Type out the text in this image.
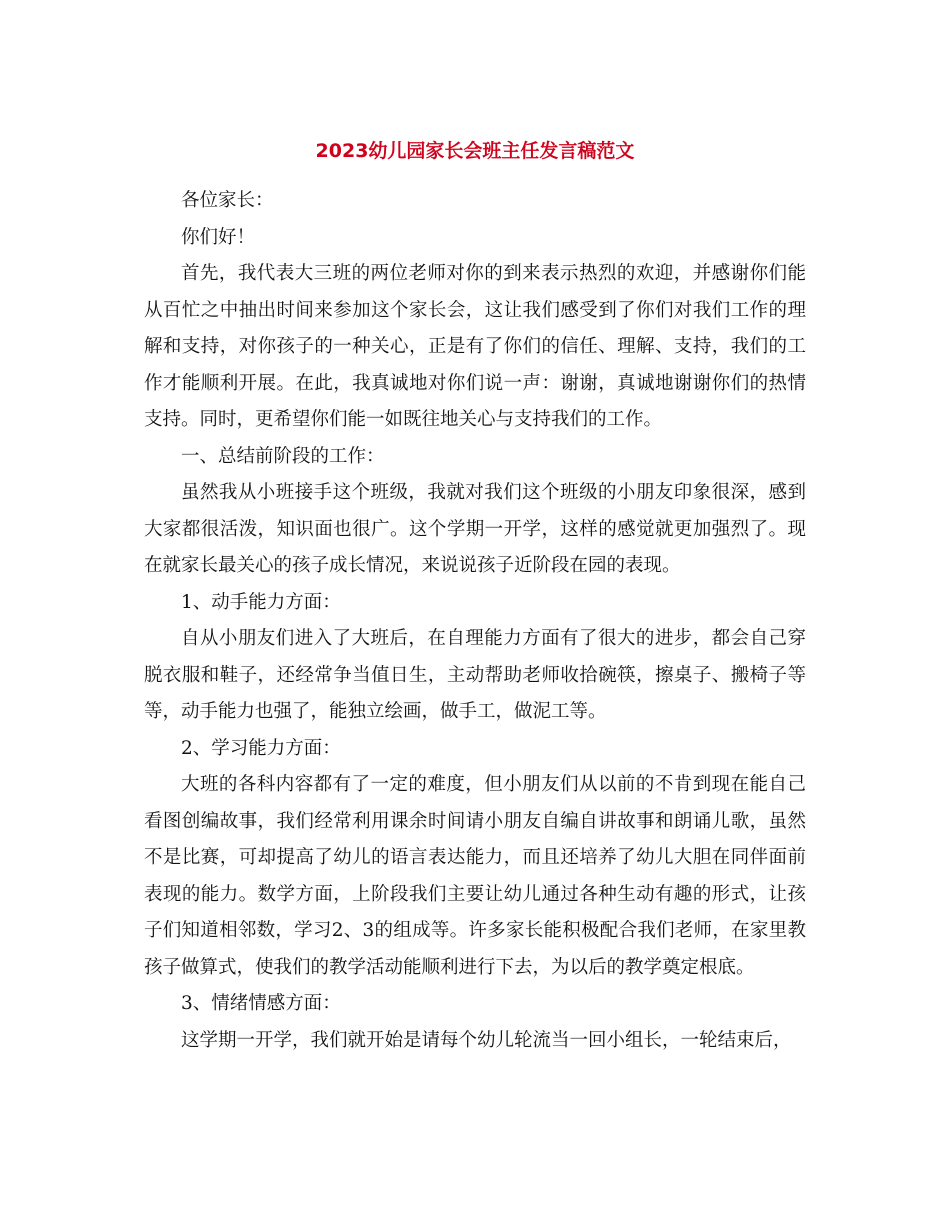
2023幼儿园家长会班主任发言稿范文

各位家长：

你们好！

首先，我代表大三班的两位老师对你的到来表示热烈的欢迎，并感谢你们能从百忙之中抽出时间来参加这个家长会，这让我们感受到了你们对我们工作的理解和支持，对你孩子的一种关心，正是有了你们的信任、理解、支持，我们的工作才能顺利开展。在此，我真诚地对你们说一声：谢谢，真诚地谢谢你们的热情支持。同时，更希望你们能一如既往地关心与支持我们的工作。

一、总结前阶段的工作：

虽然我从小班接手这个班级，我就对我们这个班级的小朋友印象很深，感到大家都很活泼，知识面也很广。这个学期一开学，这样的感觉就更加强烈了。现在就家长最关心的孩子成长情况，来说说孩子近阶段在园的表现。

1、动手能力方面：

自从小朋友们进入了大班后，在自理能力方面有了很大的进步，都会自己穿脱衣服和鞋子，还经常争当值日生，主动帮助老师收拾碗筷，擦桌子、搬椅子等等，动手能力也强了，能独立绘画，做手工，做泥工等。

2、学习能力方面：

大班的各科内容都有了一定的难度，但小朋友们从以前的不肯到现在能自己看图创编故事，我们经常利用课余时间请小朋友自编自讲故事和朗诵儿歌，虽然不是比赛，可却提高了幼儿的语言表达能力，而且还培养了幼儿大胆在同伴面前表现的能力。数学方面，上阶段我们主要让幼儿通过各种生动有趣的形式，让孩子们知道相邻数，学习2、3的组成等。许多家长能积极配合我们老师，在家里教孩子做算式，使我们的教学活动能顺利进行下去，为以后的教学奠定根底。

3、情绪情感方面：

这学期一开学，我们就开始是请每个幼儿轮流当一回小组长，一轮结束后，
